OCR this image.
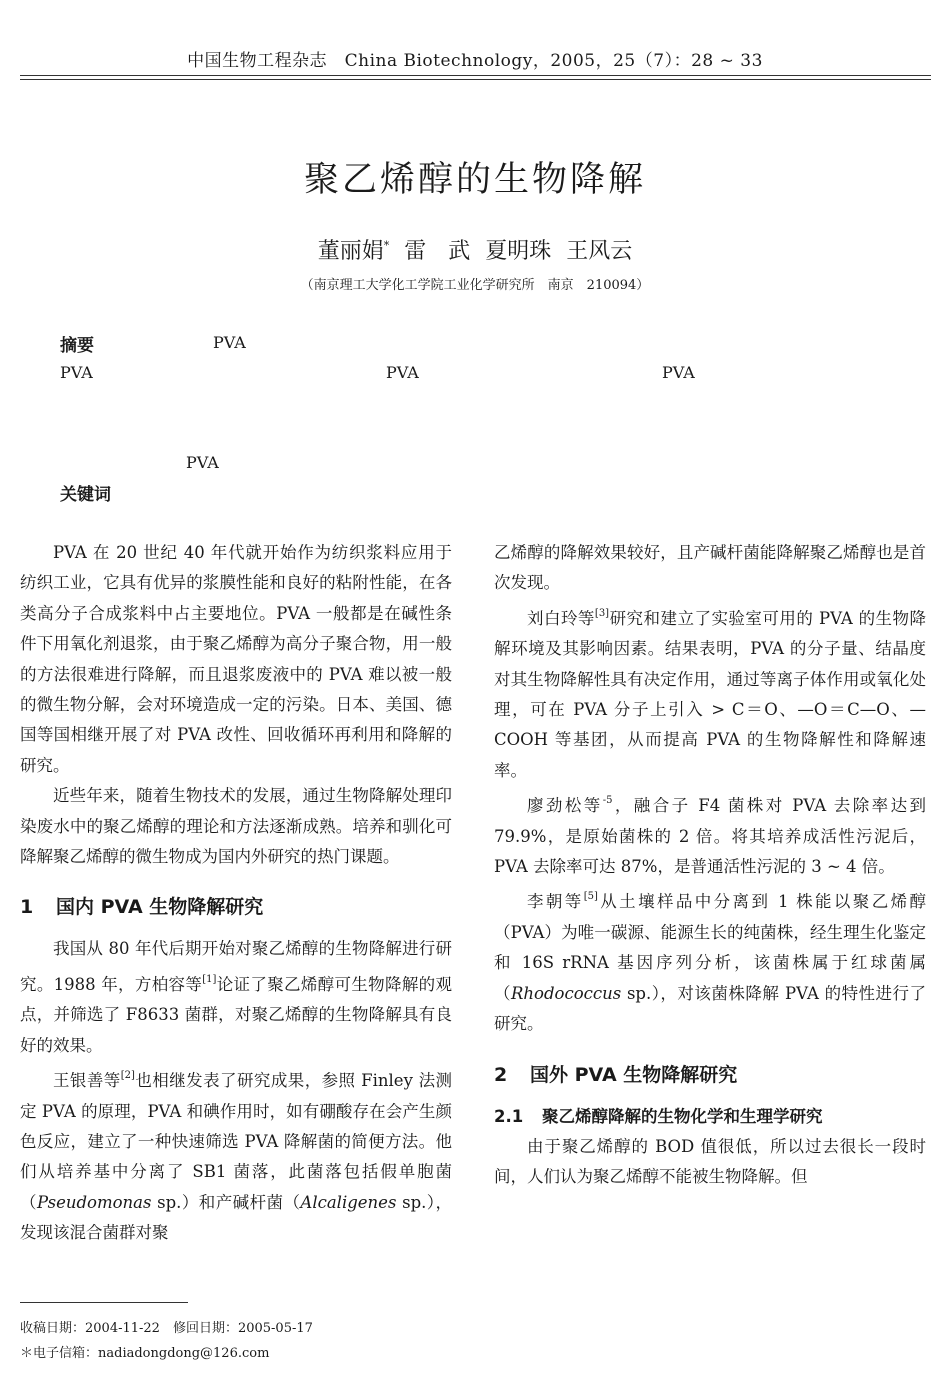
中国生物工程杂志　China Biotechnology，2005，25（7）：28 ~ 33
聚乙烯醇的生物降解
董丽娟* 雷　武 夏明珠 王风云
（南京理工大学化工学院工业化学研究所　南京　210094）
摘要	PVA
PVA	PVA	PVA
PVA
关键词

PVA 在 20 世纪 40 年代就开始作为纺织浆料应用于纺织工业，它具有优异的浆膜性能和良好的粘附性能，在各类高分子合成浆料中占主要地位。PVA 一般都是在碱性条件下用氧化剂退浆，由于聚乙烯醇为高分子聚合物，用一般的方法很难进行降解，而且退浆废液中的 PVA 难以被一般的微生物分解，会对环境造成一定的污染。日本、美国、德国等国相继开展了对 PVA 改性、回收循环再利用和降解的研究。

近些年来，随着生物技术的发展，通过生物降解处理印染废水中的聚乙烯醇的理论和方法逐渐成熟。培养和驯化可降解聚乙烯醇的微生物成为国内外研究的热门课题。

1 国内 PVA 生物降解研究

我国从 80 年代后期开始对聚乙烯醇的生物降解进行研究。1988 年，方柏容等[1]论证了聚乙烯醇可生物降解的观点，并筛选了 F8633 菌群，对聚乙烯醇的生物降解具有良好的效果。

王银善等[2]也相继发表了研究成果，参照 Finley 法测定 PVA 的原理，PVA 和碘作用时，如有硼酸存在会产生颜色反应，建立了一种快速筛选 PVA 降解菌的简便方法。他们从培养基中分离了 SB1 菌落，此菌落包括假单胞菌（Pseudomonas sp.）和产碱杆菌（Alcaligenes sp.），发现该混合菌群对聚

乙烯醇的降解效果较好，且产碱杆菌能降解聚乙烯醇也是首次发现。

刘白玲等[3]研究和建立了实验室可用的 PVA 的生物降解环境及其影响因素。结果表明，PVA 的分子量、结晶度对其生物降解性具有决定作用，通过等离子体作用或氧化处理，可在 PVA 分子上引入 > C＝O、—O＝C—O、—COOH 等基团，从而提高 PVA 的生物降解性和降解速率。

廖劲松等$^{-5}$，融合子 F4 菌株对 PVA 去除率达到 79.9%，是原始菌株的 2 倍。将其培养成活性污泥后，PVA 去除率可达 87%，是普通活性污泥的 3 ~ 4 倍。

李朝等[5]从土壤样品中分离到 1 株能以聚乙烯醇（PVA）为唯一碳源、能源生长的纯菌株，经生理生化鉴定和 16S rRNA 基因序列分析，该菌株属于红球菌属（Rhodococcus sp.），对该菌株降解 PVA 的特性进行了研究。

2 国外 PVA 生物降解研究

2.1 聚乙烯醇降解的生物化学和生理学研究

由于聚乙烯醇的 BOD 值很低，所以过去很长一段时间，人们认为聚乙烯醇不能被生物降解。但

收稿日期：2004-11-22　修回日期：2005-05-17
＊电子信箱：nadiadongdong@126.com
